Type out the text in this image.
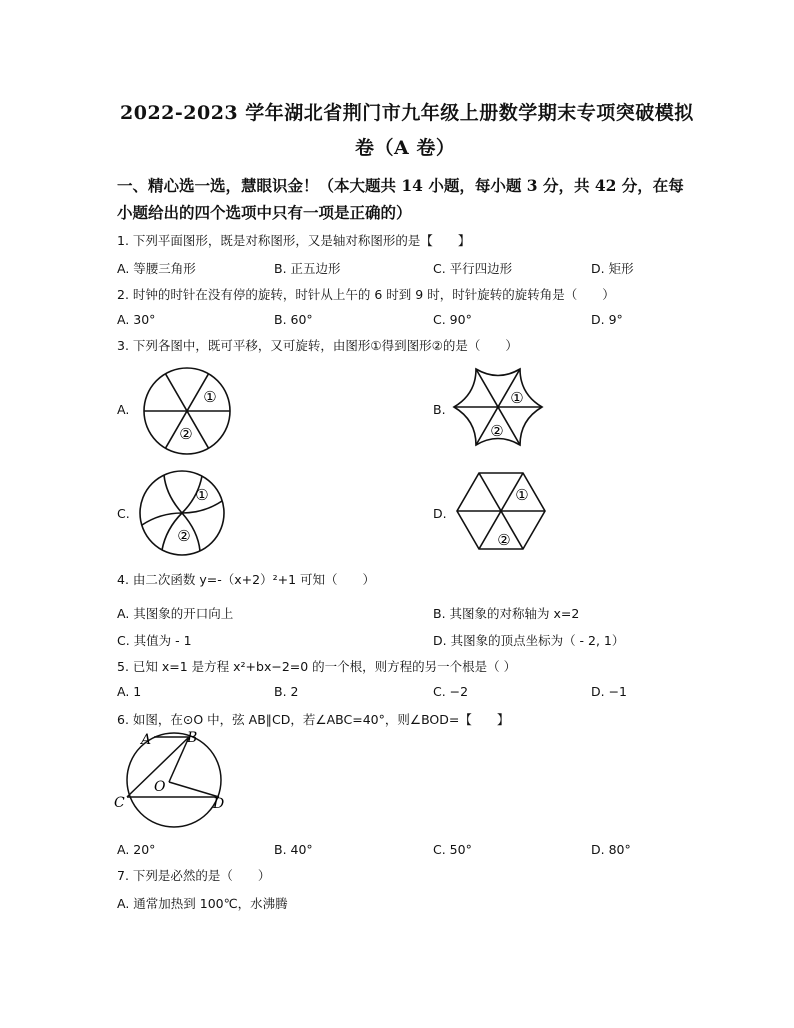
2022-2023 学年湖北省荆门市九年级上册数学期末专项突破模拟
卷（A 卷）
一、精心选一选，慧眼识金！（本大题共 14 小题，每小题 3 分，共 42 分，在每
小题给出的四个选项中只有一项是正确的）
1. 下列平面图形，既是对称图形，又是轴对称图形的是【　　】
A. 等腰三角形	B. 正五边形	C. 平行四边形	D. 矩形
2. 时钟的时针在没有停的旋转，时针从上午的 6 时到 9 时，时针旋转的旋转角是（　　）
A. 30°	B. 60°	C. 90°	D. 9°
3. 下列各图中，既可平移，又可旋转，由图形①得到图形②的是（　　）
A.	B.
C.	D.
①
②
①
②
①
②
①
②
4. 由二次函数 y=-（x+2）²+1 可知（　　）
A. 其图象的开口向上	B. 其图象的对称轴为 x=2
C. 其值为 - 1	D. 其图象的顶点坐标为（ - 2, 1）
5. 已知 x=1 是方程 x²+bx−2=0 的一个根，则方程的另一个根是（ ）
A. 1	B. 2	C. −2	D. −1
6. 如图，在⊙O 中，弦 AB∥CD，若∠ABC=40°，则∠BOD=【　　】
A	B
C	D
O
A. 20°	B. 40°	C. 50°	D. 80°
7. 下列是必然的是（　　）
A. 通常加热到 100℃，水沸腾
